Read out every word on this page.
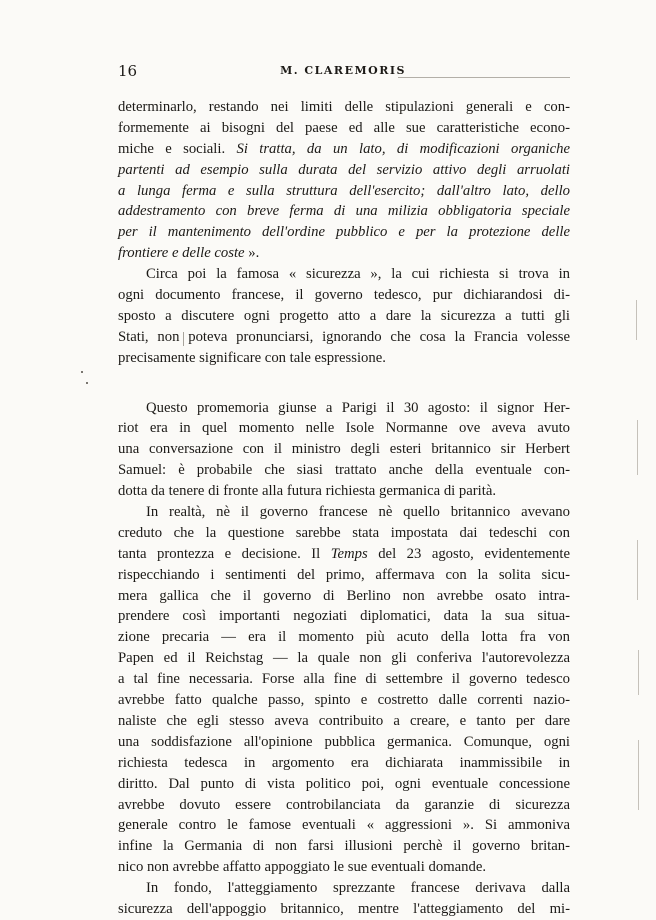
16	M. CLAREMORIS
determinarlo, restando nei limiti delle stipulazioni generali e con-
formemente ai bisogni del paese ed alle sue caratteristiche econo-
miche e sociali. Si tratta, da un lato, di modificazioni organiche
partenti ad esempio sulla durata del servizio attivo degli arruolati
a lunga ferma e sulla struttura dell'esercito; dall'altro lato, dello
addestramento con breve ferma di una milizia obbligatoria speciale
per il mantenimento dell'ordine pubblico e per la protezione delle
frontiere e delle coste ».
Circa poi la famosa « sicurezza », la cui richiesta si trova in
ogni documento francese, il governo tedesco, pur dichiarandosi di-
sposto a discutere ogni progetto atto a dare la sicurezza a tutti gli
Stati, non poteva pronunciarsi, ignorando che cosa la Francia volesse
precisamente significare con tale espressione.
Questo promemoria giunse a Parigi il 30 agosto: il signor Her-
riot era in quel momento nelle Isole Normanne ove aveva avuto
una conversazione con il ministro degli esteri britannico sir Herbert
Samuel: è probabile che siasi trattato anche della eventuale con-
dotta da tenere di fronte alla futura richiesta germanica di parità.
In realtà, nè il governo francese nè quello britannico avevano
creduto che la questione sarebbe stata impostata dai tedeschi con
tanta prontezza e decisione. Il Temps del 23 agosto, evidentemente
rispecchiando i sentimenti del primo, affermava con la solita sicu-
mera gallica che il governo di Berlino non avrebbe osato intra-
prendere così importanti negoziati diplomatici, data la sua situa-
zione precaria — era il momento più acuto della lotta fra von
Papen ed il Reichstag — la quale non gli conferiva l'autorevolezza
a tal fine necessaria. Forse alla fine di settembre il governo tedesco
avrebbe fatto qualche passo, spinto e costretto dalle correnti nazio-
naliste che egli stesso aveva contribuito a creare, e tanto per dare
una soddisfazione all'opinione pubblica germanica. Comunque, ogni
richiesta tedesca in argomento era dichiarata inammissibile in
diritto. Dal punto di vista politico poi, ogni eventuale concessione
avrebbe dovuto essere controbilanciata da garanzie di sicurezza
generale contro le famose eventuali « aggressioni ». Si ammoniva
infine la Germania di non farsi illusioni perchè il governo britan-
nico non avrebbe affatto appoggiato le sue eventuali domande.
In fondo, l'atteggiamento sprezzante francese derivava dalla
sicurezza dell'appoggio britannico, mentre l'atteggiamento del mi-
